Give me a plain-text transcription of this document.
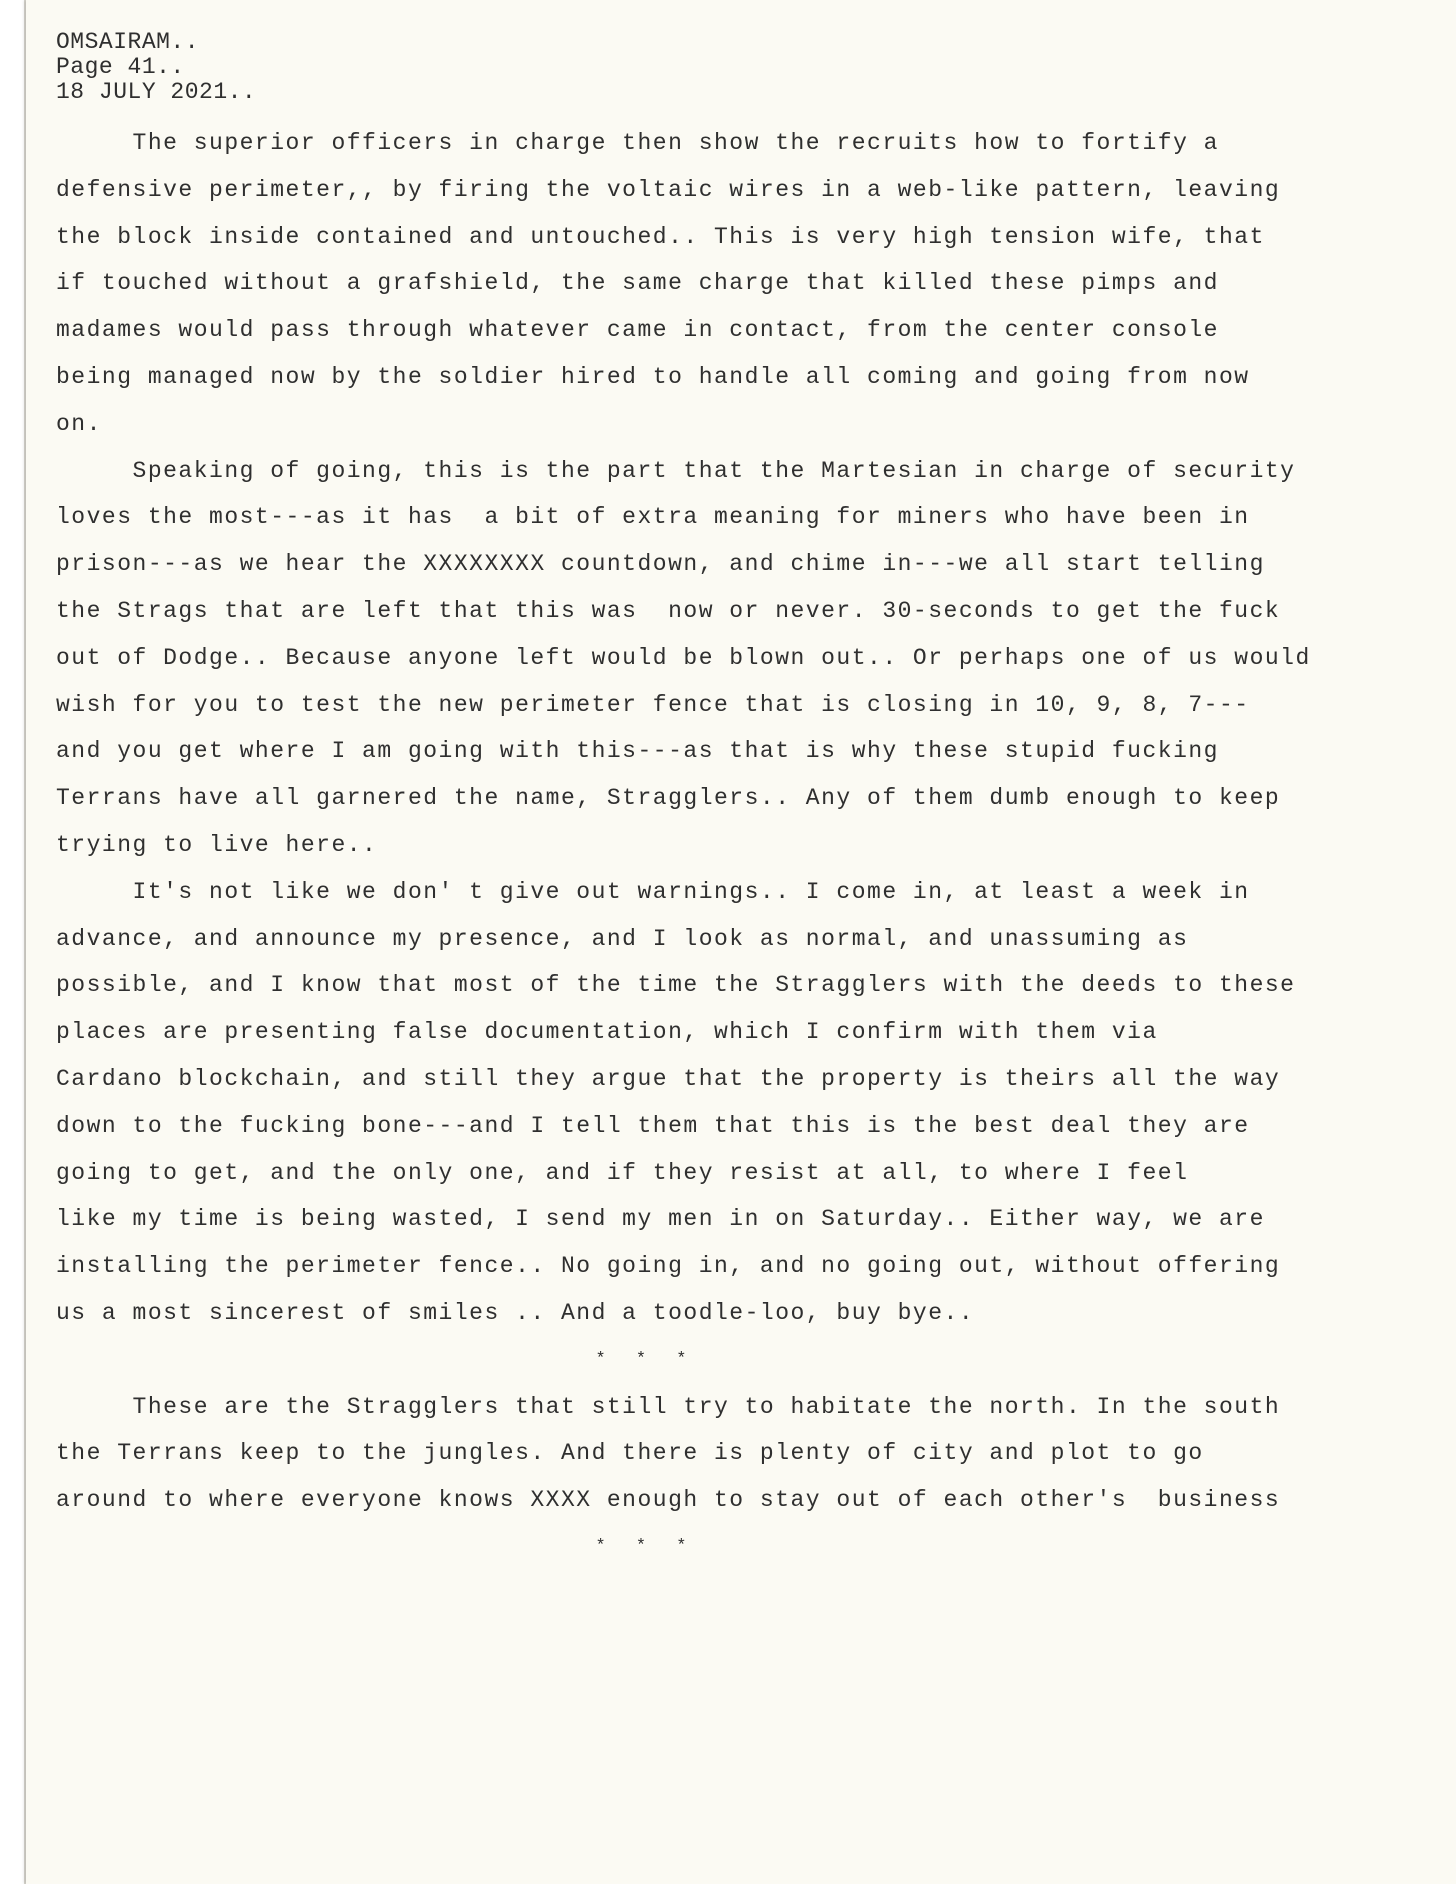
OMSAIRAM..
Page 41..
18 JULY 2021..
The superior officers in charge then show the recruits how to fortify a
defensive perimeter,, by firing the voltaic wires in a web-like pattern, leaving
the block inside contained and untouched.. This is very high tension wife, that
if touched without a grafshield, the same charge that killed these pimps and
madames would pass through whatever came in contact, from the center console
being managed now by the soldier hired to handle all coming and going from now
on.
Speaking of going, this is the part that the Martesian in charge of security
loves the most---as it has  a bit of extra meaning for miners who have been in
prison---as we hear the XXXXXXXX countdown, and chime in---we all start telling
the Strags that are left that this was  now or never. 30-seconds to get the fuck
out of Dodge.. Because anyone left would be blown out.. Or perhaps one of us would
wish for you to test the new perimeter fence that is closing in 10, 9, 8, 7---
and you get where I am going with this---as that is why these stupid fucking
Terrans have all garnered the name, Stragglers.. Any of them dumb enough to keep
trying to live here..
It's not like we don' t give out warnings.. I come in, at least a week in
advance, and announce my presence, and I look as normal, and unassuming as
possible, and I know that most of the time the Stragglers with the deeds to these
places are presenting false documentation, which I confirm with them via
Cardano blockchain, and still they argue that the property is theirs all the way
down to the fucking bone---and I tell them that this is the best deal they are
going to get, and the only one, and if they resist at all, to where I feel
like my time is being wasted, I send my men in on Saturday.. Either way, we are
installing the perimeter fence.. No going in, and no going out, without offering
us a most sincerest of smiles .. And a toodle-loo, buy bye..
* * *
These are the Stragglers that still try to habitate the north. In the south
the Terrans keep to the jungles. And there is plenty of city and plot to go
around to where everyone knows XXXX enough to stay out of each other's  business
* * *
